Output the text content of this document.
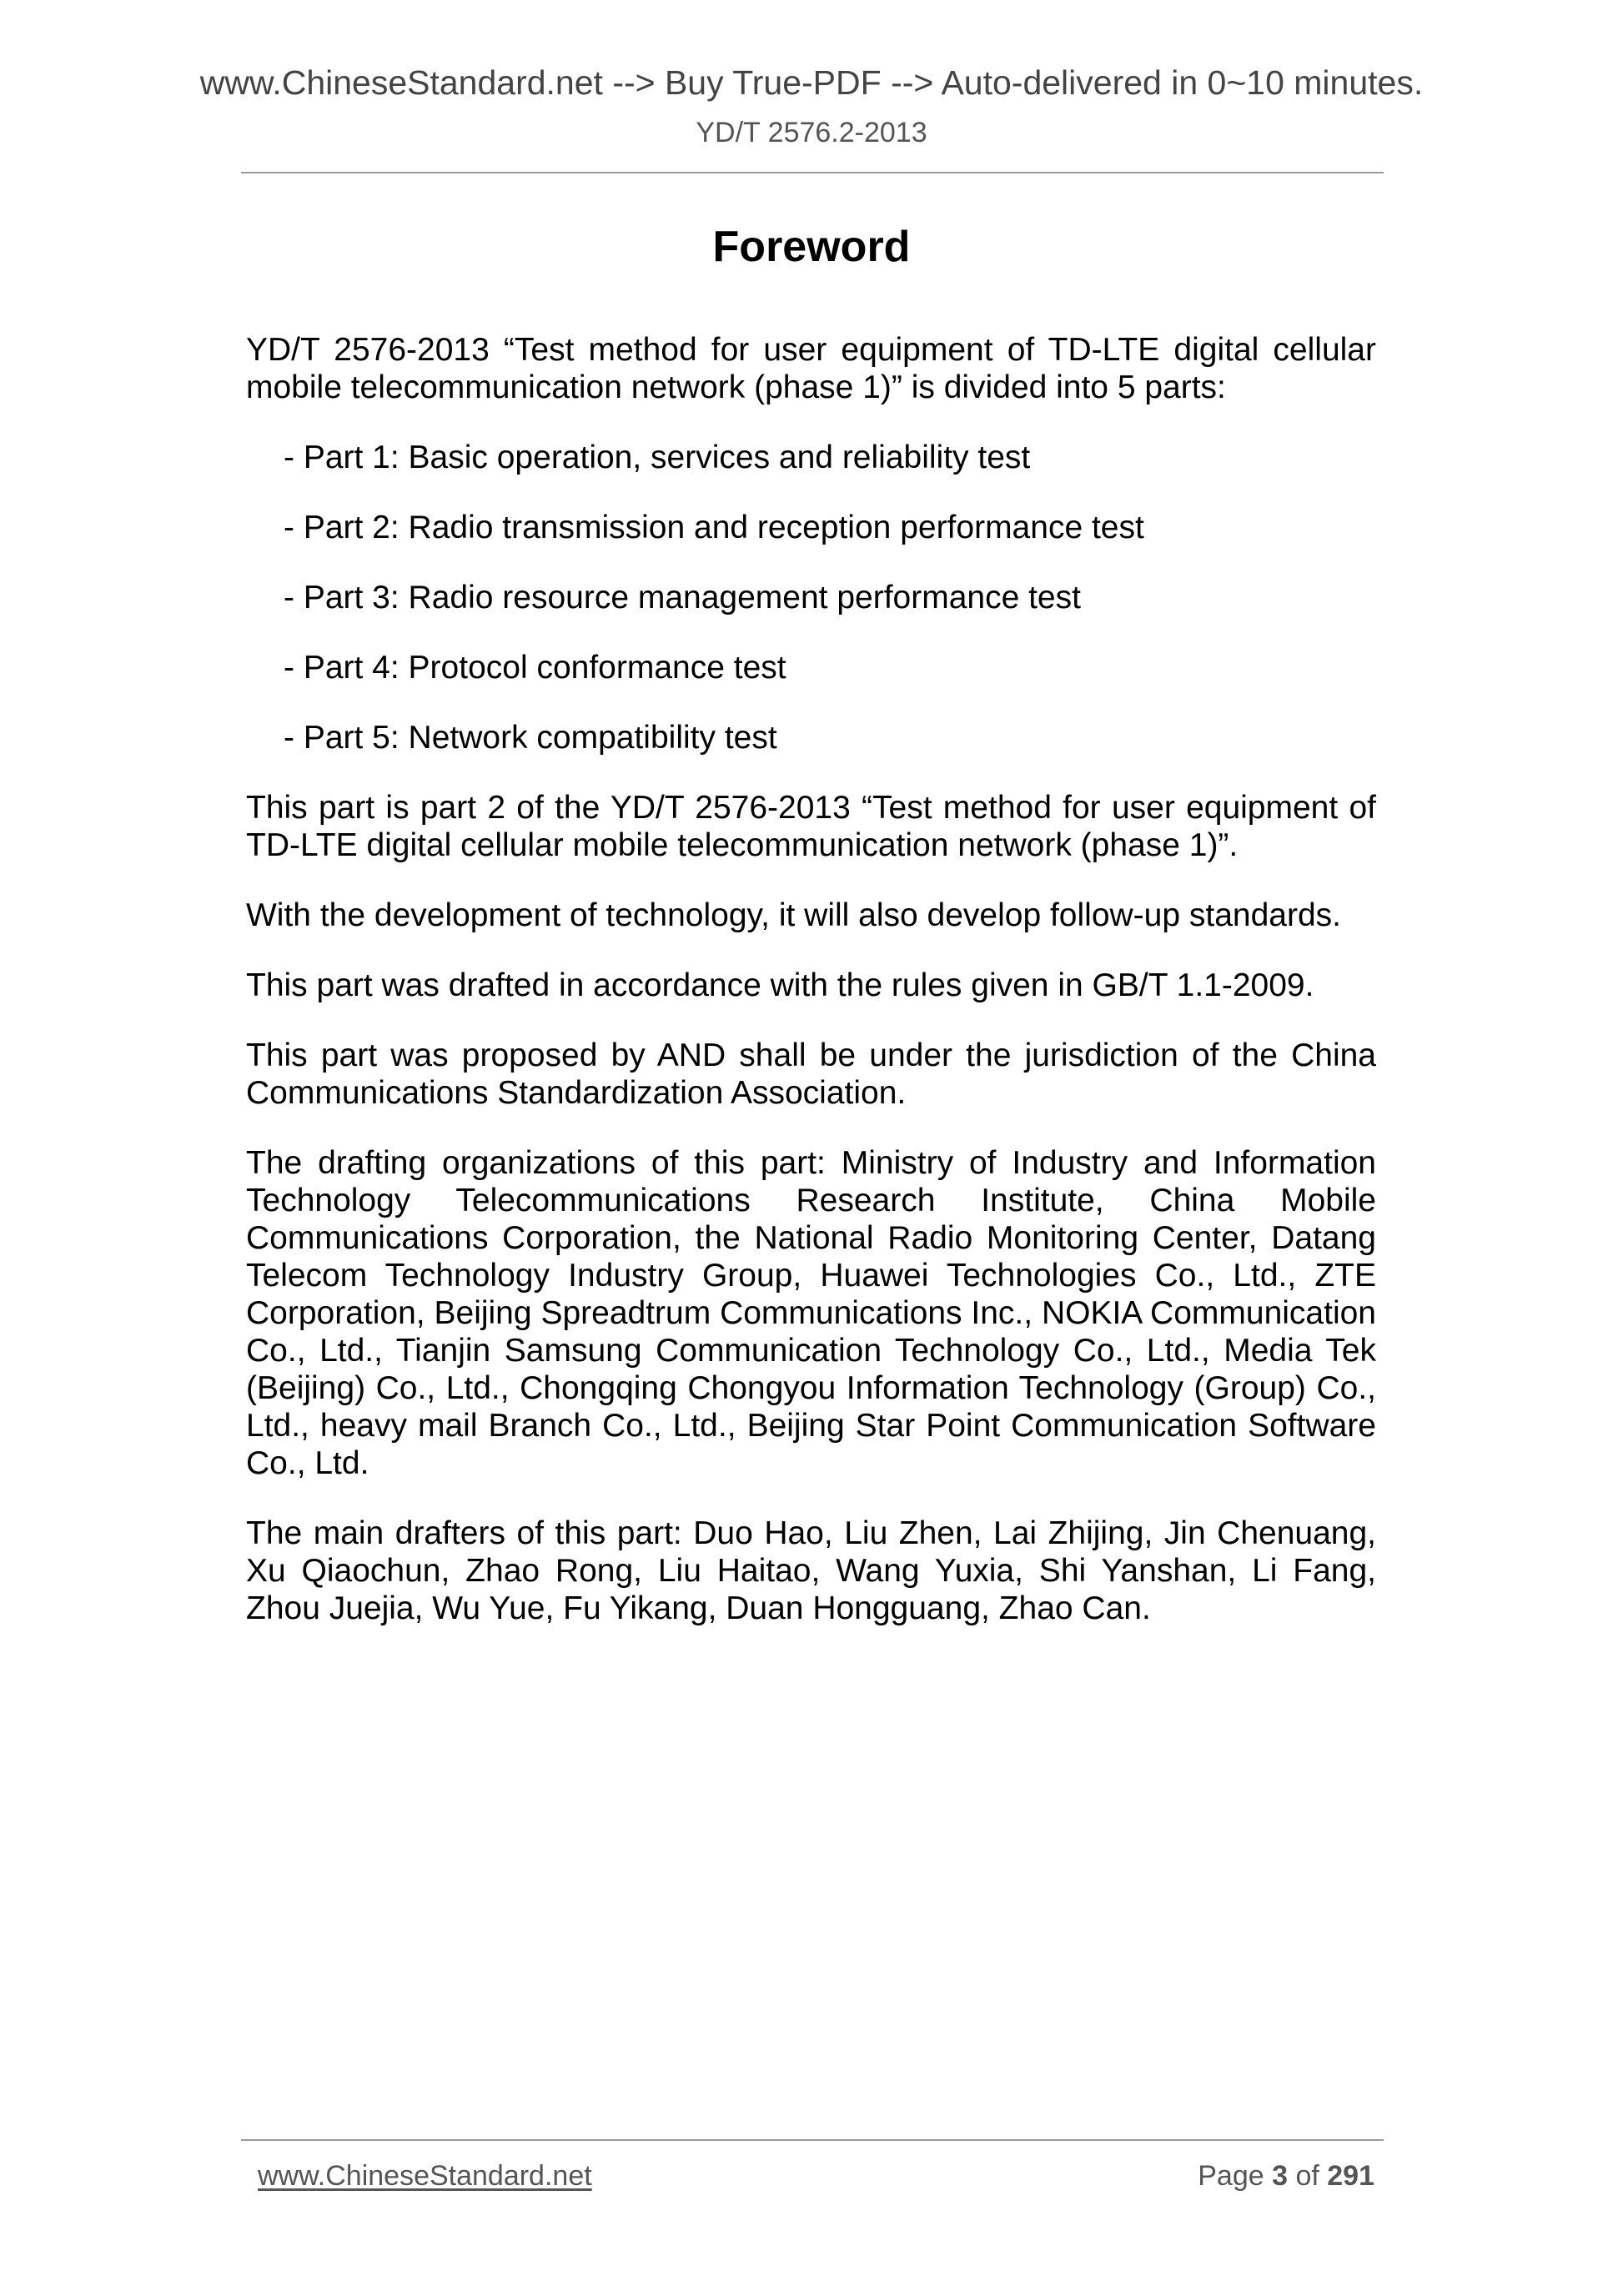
www.ChineseStandard.net --> Buy True-PDF --> Auto-delivered in 0~10 minutes.
YD/T 2576.2-2013
Foreword

YD/T 2576-2013 “Test method for user equipment of TD-LTE digital cellular mobile telecommunication network (phase 1)” is divided into 5 parts:

- Part 1: Basic operation, services and reliability test

- Part 2: Radio transmission and reception performance test

- Part 3: Radio resource management performance test

- Part 4: Protocol conformance test

- Part 5: Network compatibility test

This part is part 2 of the YD/T 2576-2013 “Test method for user equipment of TD-LTE digital cellular mobile telecommunication network (phase 1)”.

With the development of technology, it will also develop follow-up standards.

This part was drafted in accordance with the rules given in GB/T 1.1-2009.

This part was proposed by AND shall be under the jurisdiction of the China Communications Standardization Association.

The drafting organizations of this part: Ministry of Industry and Information Technology Telecommunications Research Institute, China Mobile Communications Corporation, the National Radio Monitoring Center, Datang Telecom Technology Industry Group, Huawei Technologies Co., Ltd., ZTE Corporation, Beijing Spreadtrum Communications Inc., NOKIA Communication Co., Ltd., Tianjin Samsung Communication Technology Co., Ltd., Media Tek (Beijing) Co., Ltd., Chongqing Chongyou Information Technology (Group) Co., Ltd., heavy mail Branch Co., Ltd., Beijing Star Point Communication Software Co., Ltd.

The main drafters of this part: Duo Hao, Liu Zhen, Lai Zhijing, Jin Chenuang, Xu Qiaochun, Zhao Rong, Liu Haitao, Wang Yuxia, Shi Yanshan, Li Fang, Zhou Juejia, Wu Yue, Fu Yikang, Duan Hongguang, Zhao Can.

www.ChineseStandard.net	Page 3 of 291
